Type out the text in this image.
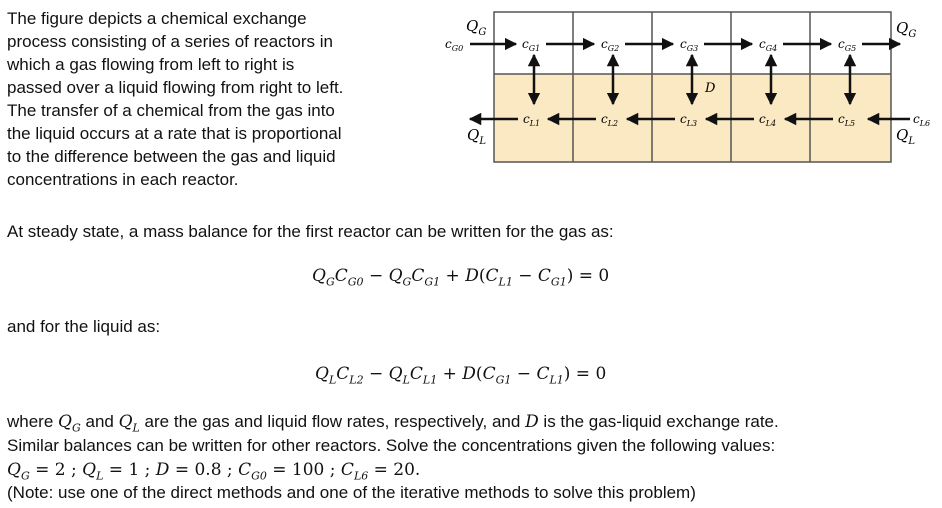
The figure depicts a chemical exchange
process consisting of a series of reactors in
which a gas flowing from left to right is
passed over a liquid flowing from right to left.
The transfer of a chemical from the gas into
the liquid occurs at a rate that is proportional
to the difference between the gas and liquid
concentrations in each reactor.

$Q_G$
$c_{G0}$	$c_{G1}$	$c_{G2}$	$c_{G3}$	$c_{G4}$	$c_{G5}$
$Q_G$
D
$c_{L1}$	$c_{L2}$	$c_{L3}$	$c_{L4}$	$c_{L5}$	$c_{L6}$
$Q_L$	$Q_L$

At steady state, a mass balance for the first reactor can be written for the gas as:

$Q_GC_{G0} - Q_GC_{G1} + D(C_{L1} - C_{G1}) = 0$

and for the liquid as:

$Q_LC_{L2} - Q_LC_{L1} + D(C_{G1} - C_{L1}) = 0$

where $Q_G$ and $Q_L$ are the gas and liquid flow rates, respectively, and D is the gas-liquid exchange rate.

Similar balances can be written for other reactors. Solve the concentrations given the following values:

$Q_G = 2$ ; $Q_L = 1$ ; D = 0.8 ; $C_{G0} = 100$ ; $C_{L6} = 20$.

(Note: use one of the direct methods and one of the iterative methods to solve this problem)
